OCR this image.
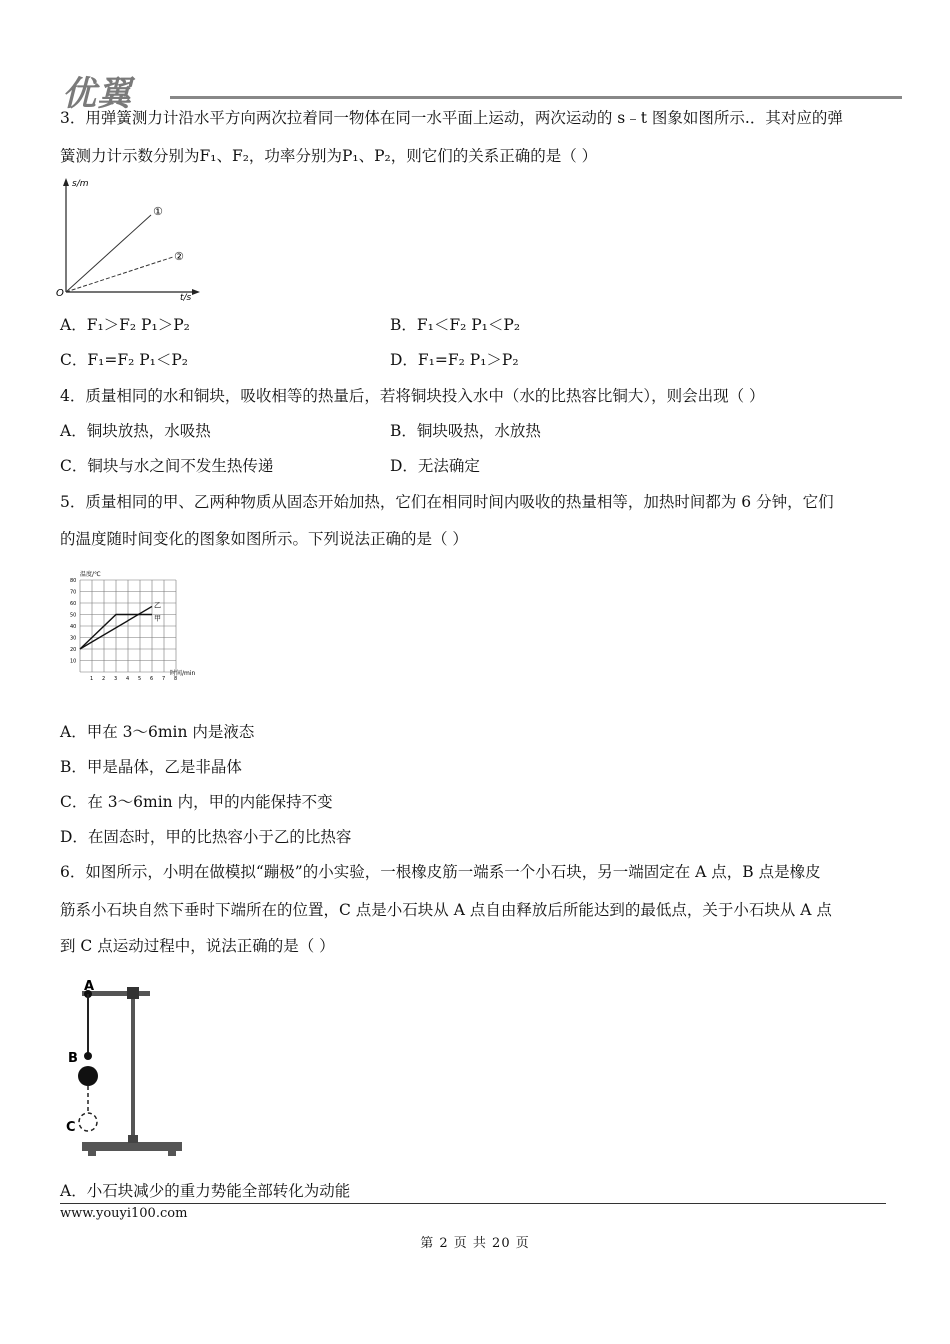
优翼
3．用弹簧测力计沿水平方向两次拉着同一物体在同一水平面上运动，两次运动的 s﹣t 图象如图所示.．其对应的弹
簧测力计示数分别为F₁、F₂，功率分别为P₁、P₂，则它们的关系正确的是（ ）
s/m
t/s
O
①
②
A．F₁＞F₂ P₁＞P₂	B．F₁＜F₂ P₁＜P₂
C．F₁=F₂ P₁＜P₂	D．F₁=F₂ P₁＞P₂
4．质量相同的水和铜块，吸收相等的热量后，若将铜块投入水中（水的比热容比铜大），则会出现（ ）
A．铜块放热，水吸热	B．铜块吸热，水放热
C．铜块与水之间不发生热传递	D．无法确定
5．质量相同的甲、乙两种物质从固态开始加热，它们在相同时间内吸收的热量相等，加热时间都为 6 分钟，它们
的温度随时间变化的图象如图所示。下列说法正确的是（ ）
温度/℃
时间/min
1 2 3 4 5 6 7 8
10
20
30
40
50
60
70
80
甲
乙
A．甲在 3～6min 内是液态
B．甲是晶体，乙是非晶体
C．在 3～6min 内，甲的内能保持不变
D．在固态时，甲的比热容小于乙的比热容
6．如图所示，小明在做模拟“蹦极”的小实验，一根橡皮筋一端系一个小石块，另一端固定在 A 点，B 点是橡皮
筋系小石块自然下垂时下端所在的位置，C 点是小石块从 A 点自由释放后所能达到的最低点，关于小石块从 A 点
到 C 点运动过程中，说法正确的是（ ）
A
B
C
A．小石块减少的重力势能全部转化为动能
www.youyi100.com
第 2 页 共 20 页
